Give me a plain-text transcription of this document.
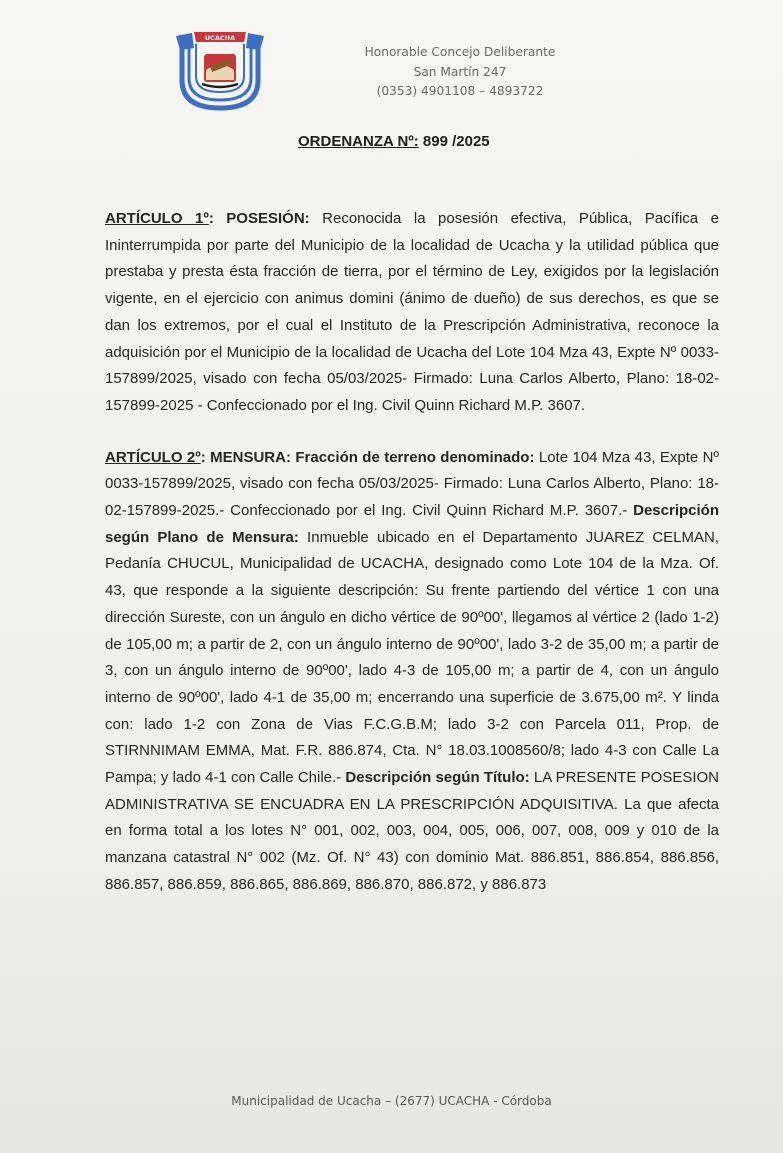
UCACHA
Honorable Concejo Deliberante
San Martín 247
(0353) 4901108 – 4893722
ORDENANZA Nº: 899 /2025

ARTÍCULO 1º: POSESIÓN: Reconocida la posesión efectiva, Pública, Pacífica e Ininterrumpida por parte del Municipio de la localidad de Ucacha y la utilidad pública que prestaba y presta ésta fracción de tierra, por el término de Ley, exigidos por la legislación vigente, en el ejercicio con animus domini (ánimo de dueño) de sus derechos, es que se dan los extremos, por el cual el Instituto de la Prescripción Administrativa, reconoce la adquisición por el Municipio de la localidad de Ucacha del Lote 104 Mza 43, Expte Nº 0033-157899/2025, visado con fecha 05/03/2025- Firmado: Luna Carlos Alberto, Plano: 18-02-157899-2025 - Confeccionado por el Ing. Civil Quinn Richard M.P. 3607.

ARTÍCULO 2º: MENSURA: Fracción de terreno denominado: Lote 104 Mza 43, Expte Nº 0033-157899/2025, visado con fecha 05/03/2025- Firmado: Luna Carlos Alberto, Plano: 18-02-157899-2025.- Confeccionado por el Ing. Civil Quinn Richard M.P. 3607.- Descripción según Plano de Mensura: Inmueble ubicado en el Departamento JUAREZ CELMAN, Pedanía CHUCUL, Municipalidad de UCACHA, designado como Lote 104 de la Mza. Of. 43, que responde a la siguiente descripción: Su frente partiendo del vértice 1 con una dirección Sureste, con un ángulo en dicho vértice de 90º00', llegamos al vértice 2 (lado 1-2) de 105,00 m; a partir de 2, con un ángulo interno de 90º00', lado 3-2 de 35,00 m; a partir de 3, con un ángulo interno de 90º00', lado 4-3 de 105,00 m; a partir de 4, con un ángulo interno de 90º00', lado 4-1 de 35,00 m; encerrando una superficie de 3.675,00 m². Y linda con: lado 1-2 con Zona de Vias F.C.G.B.M; lado 3-2 con Parcela 011, Prop. de STIRNNIMAM EMMA, Mat. F.R. 886.874, Cta. N° 18.03.1008560/8; lado 4-3 con Calle La Pampa; y lado 4-1 con Calle Chile.- Descripción según Título: LA PRESENTE POSESION ADMINISTRATIVA SE ENCUADRA EN LA PRESCRIPCIÓN ADQUISITIVA. La que afecta en forma total a los lotes N° 001, 002, 003, 004, 005, 006, 007, 008, 009 y 010 de la manzana catastral N° 002 (Mz. Of. N° 43) con dominio Mat. 886.851, 886.854, 886.856, 886.857, 886.859, 886.865, 886.869, 886.870, 886.872, y 886.873

Municipalidad de Ucacha – (2677) UCACHA - Córdoba
